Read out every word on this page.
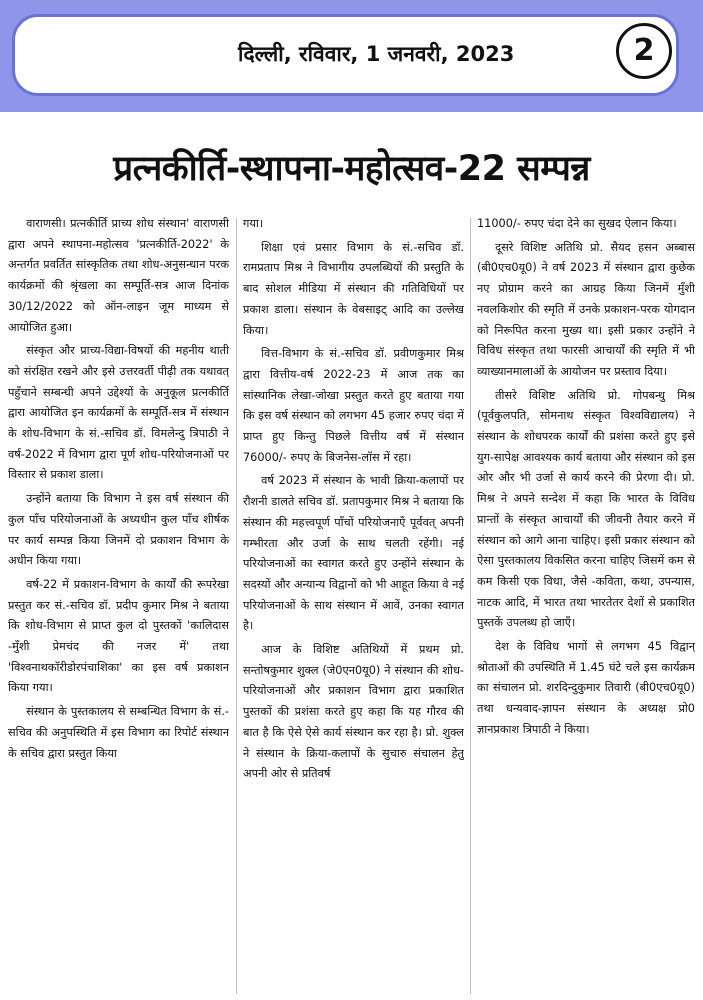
दिल्ली, रविवार, 1 जनवरी, 2023	2
प्रत्नकीर्ति-स्थापना-महोत्सव-22 सम्पन्न

वाराणसी। प्रत्नकीर्ति प्राच्य शोध संस्थान' वाराणसी द्वारा अपने स्थापना-महोत्सव 'प्रत्नकीर्ति-2022' के अन्तर्गत प्रवर्तित सांस्कृतिक तथा शोध-अनुसन्धान परक कार्यक्रमों की श्रृंखला का सम्पूर्ति-सत्र आज दिनांक 30/12/2022 को ऑन-लाइन जूम माध्यम से आयोजित हुआ।

संस्कृत और प्राच्य-विद्या-विषयों की महनीय थाती को संरक्षित रखने और इसे उत्तरवर्ती पीढ़ी तक यथावत् पहुँचाने सम्बन्धी अपने उद्देश्यों के अनुकूल प्रत्नकीर्ति द्वारा आयोजित इन कार्यक्रमों के सम्पूर्ति-सत्र में संस्थान के शोध-विभाग के सं.-सचिव डॉ. विमलेन्दु त्रिपाठी ने वर्ष-2022 में विभाग द्वारा पूर्ण शोध-परियोजनाओं पर विस्तार से प्रकाश डाला।

उन्होंने बताया कि विभाग ने इस वर्ष संस्थान की कुल पाँच परियोजनाओं के अध्यधीन कुल पाँच शीर्षक पर कार्य सम्पन्न किया जिनमें दो प्रकाशन विभाग के अधीन किया गया।

वर्ष-22 में प्रकाशन-विभाग के कार्यों की रूपरेखा प्रस्तुत कर सं.-सचिव डॉ. प्रदीप कुमार मिश्र ने बताया कि शोध-विभाग से प्राप्त कुल दो पुस्तकों 'कालिदास -मुँशी प्रेमचंद की नजर में' तथा 'विश्वनाथकॉरीडोरपंचाशिका' का इस वर्ष प्रकाशन किया गया।

संस्थान के पुस्तकालय से सम्बन्धित विभाग के सं.-सचिव की अनुपस्थिति में इस विभाग का रिपोर्ट संस्थान के सचिव द्वारा प्रस्तुत किया

गया।

शिक्षा एवं प्रसार विभाग के सं.-सचिव डॉ. रामप्रताप मिश्र ने विभागीय उपलब्धियों की प्रस्तुति के बाद सोशल मीडिया में संस्थान की गतिविधियों पर प्रकाश डाला। संस्थान के वेबसाइट् आदि का उल्लेख किया।

वित्त-विभाग के सं.-सचिव डॉ. प्रवीणकुमार मिश्र द्वारा वित्तीय-वर्ष 2022-23 में आज तक का सांस्थानिक लेखा-जोखा प्रस्तुत करते हुए बताया गया कि इस वर्ष संस्थान को लगभग 45 हजार रुपए चंदा में प्राप्त हुए किन्तु पिछले वित्तीय वर्ष में संस्थान 76000/- रुपए के बिजनेस-लॉस में रहा।

वर्ष 2023 में संस्थान के भावी क्रिया-कलापों पर रौशनी डालते सचिव डॉ. प्रतापकुमार मिश्र ने बताया कि संस्थान की महत्त्वपूर्ण पाँचों परियोजनाएँ पूर्ववत् अपनी गम्भीरता और उर्जा के साथ चलती रहेंगी। नई परियोजनाओं का स्वागत करते हुए उन्होंने संस्थान के सदस्यों और अन्यान्य विद्वानों को भी आहूत किया वे नई परियोजनाओं के साथ संस्थान में आवें, उनका स्वागत है।

आज के विशिष्ट अतिथियों में प्रथम प्रो. सन्तोषकुमार शुक्ल (जे0एन0यू0) ने संस्थान की शोध-परियोजनाओं और प्रकाशन विभाग द्वारा प्रकाशित पुस्तकों की प्रशंसा करते हुए कहा कि यह गौरव की बात है कि ऐसे ऐसे कार्य संस्थान कर रहा है। प्रो. शुक्ल ने संस्थान के क्रिया-कलापों के सुचारु संचालन हेतु अपनी ओर से प्रतिवर्ष

11000/- रुपए चंदा देने का सुखद ऐलान किया।

दूसरे विशिष्ट अतिथि प्रो. सैयद हसन अब्बास (बी0एच0यू0) ने वर्ष 2023 में संस्थान द्वारा कुछेक नए प्रोग्राम करने का आग्रह किया जिनमें मुँशी नवलकिशोर की स्मृति में उनके प्रकाशन-परक योगदान को निरूपित करना मुख्य था। इसी प्रकार उन्होंने ने विविध संस्कृत तथा फारसी आचार्यों की स्मृति में भी व्याख्यानमालाओं के आयोजन पर प्रस्ताव दिया।

तीसरे विशिष्ट अतिथि प्रो. गोपबन्धु मिश्र (पूर्वकुलपति, सोमनाथ संस्कृत विश्वविद्यालय) ने संस्थान के शोधपरक कार्यों की प्रशंसा करते हुए इसे युग-सापेक्ष आवश्यक कार्य बताया और संस्थान को इस ओर और भी उर्जा से कार्य करने की प्रेरणा दी। प्रो. मिश्र ने अपने सन्देश में कहा कि भारत के विविध प्रान्तों के संस्कृत आचार्यों की जीवनी तैयार करने में संस्थान को आगे आना चाहिए। इसी प्रकार संस्थान को ऐसा पुस्तकालय विकसित करना चाहिए जिसमें कम से कम किसी एक विधा, जैसे -कविता, कथा, उपन्यास, नाटक आदि, में भारत तथा भारतेतर देशों से प्रकाशित पुस्तकें उपलब्ध हो जाएँ।

देश के विविध भागों से लगभग 45 विद्वान् श्रोताओं की उपस्थिति में 1.45 घंटे चले इस कार्यक्रम का संचालन प्रो. शरदिन्दुकुमार तिवारी (बी0एच0यू0) तथा धन्यवाद-ज्ञापन संस्थान के अध्यक्ष प्रो0 ज्ञानप्रकाश त्रिपाठी ने किया।
